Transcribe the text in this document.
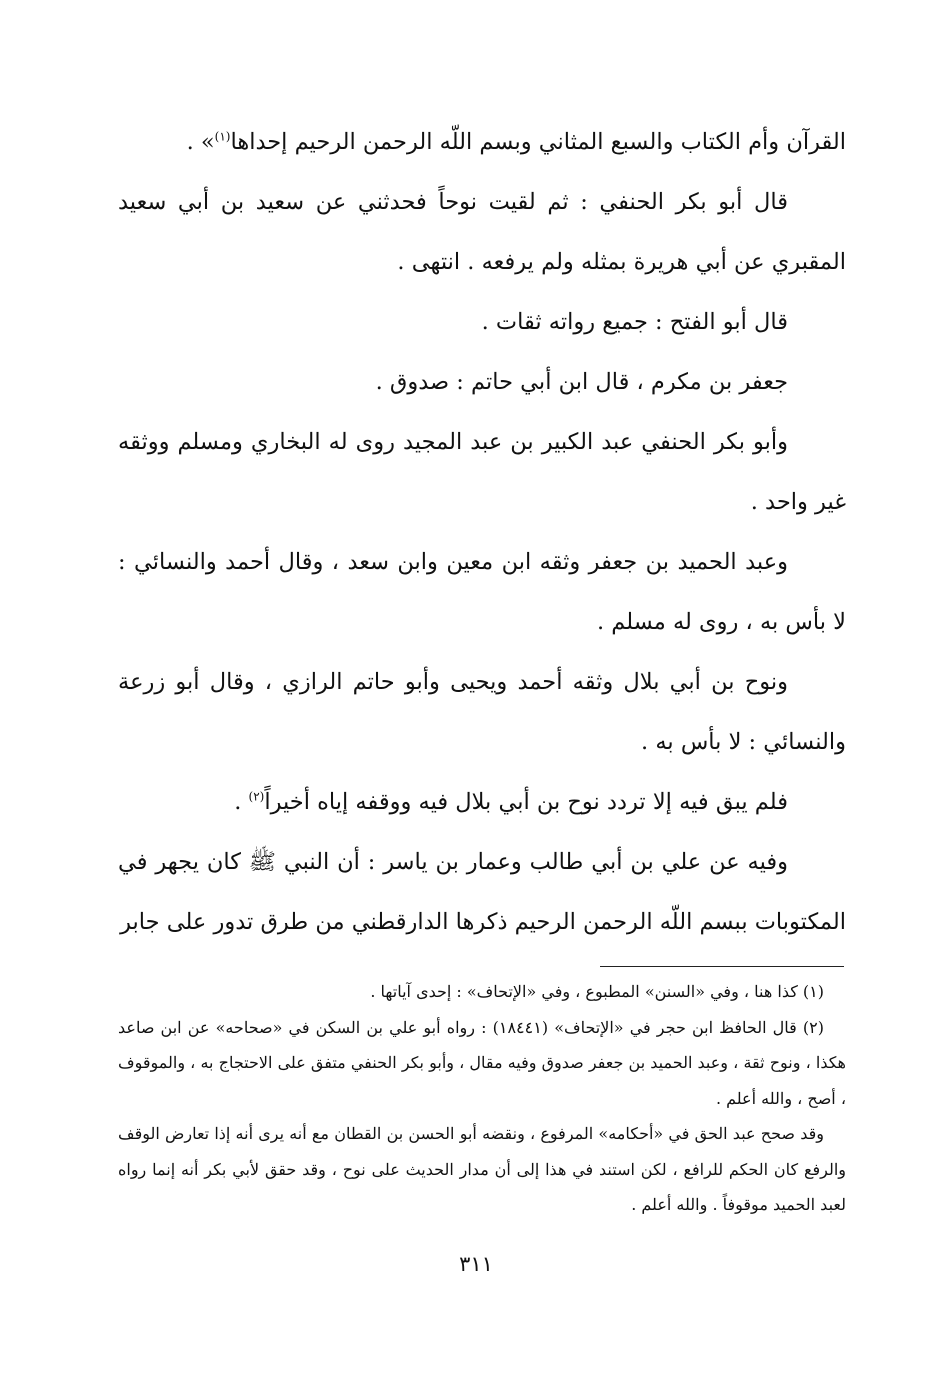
القرآن وأم الكتاب والسبع المثاني وبسم اللّه الرحمن الرحيم إحداها$^{(١)}$» .

قال أبو بكر الحنفي : ثم لقيت نوحاً فحدثني عن سعيد بن أبي سعيد المقبري عن أبي هريرة بمثله ولم يرفعه . انتهى .

قال أبو الفتح : جميع رواته ثقات .

جعفر بن مكرم ، قال ابن أبي حاتم : صدوق .

وأبو بكر الحنفي عبد الكبير بن عبد المجيد روى له البخاري ومسلم ووثقه غير واحد .

وعبد الحميد بن جعفر وثقه ابن معين وابن سعد ، وقال أحمد والنسائي : لا بأس به ، روى له مسلم .

ونوح بن أبي بلال وثقه أحمد ويحيى وأبو حاتم الرازي ، وقال أبو زرعة والنسائي : لا بأس به .

فلم يبق فيه إلا تردد نوح بن أبي بلال فيه ووقفه إياه أخيراً$^{(٢)}$ .

وفيه عن علي بن أبي طالب وعمار بن ياسر : أن النبي ﷺ كان يجهر في المكتوبات ببسم اللّه الرحمن الرحيم ذكرها الدارقطني من طرق تدور على جابر

(١) كذا هنا ، وفي «السنن» المطبوع ، وفي «الإتحاف» : إحدى آياتها .

(٢) قال الحافظ ابن حجر في «الإتحاف» (١٨٤٤١) : رواه أبو علي بن السكن في «صحاحه» عن ابن صاعد هكذا ، ونوح ثقة ، وعبد الحميد بن جعفر صدوق وفيه مقال ، وأبو بكر الحنفي متفق على الاحتجاج به ، والموقوف ، أصح ، والله أعلم .

وقد صحح عبد الحق في «أحكامه» المرفوع ، ونقضه أبو الحسن بن القطان مع أنه يرى أنه إذا تعارض الوقف والرفع كان الحكم للرافع ، لكن استند في هذا إلى أن مدار الحديث على نوح ، وقد حقق لأبي بكر أنه إنما رواه لعبد الحميد موقوفاً . والله أعلم .

٣١١
